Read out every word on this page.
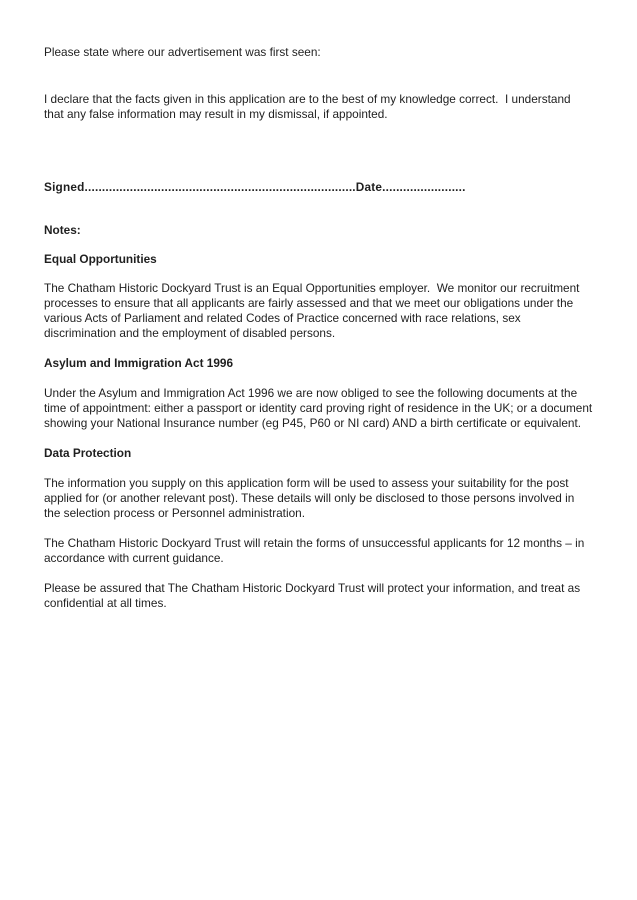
Please state where our advertisement was first seen:

I declare that the facts given in this application are to the best of my knowledge correct.  I understand that any false information may result in my dismissal, if appointed.

Signed..............................................................................Date........................

Notes:

Equal Opportunities

The Chatham Historic Dockyard Trust is an Equal Opportunities employer.  We monitor our recruitment processes to ensure that all applicants are fairly assessed and that we meet our obligations under the various Acts of Parliament and related Codes of Practice concerned with race relations, sex discrimination and the employment of disabled persons.

Asylum and Immigration Act 1996

Under the Asylum and Immigration Act 1996 we are now obliged to see the following documents at the time of appointment: either a passport or identity card proving right of residence in the UK; or a document showing your National Insurance number (eg P45, P60 or NI card) AND a birth certificate or equivalent.

Data Protection

The information you supply on this application form will be used to assess your suitability for the post applied for (or another relevant post). These details will only be disclosed to those persons involved in the selection process or Personnel administration.

The Chatham Historic Dockyard Trust will retain the forms of unsuccessful applicants for 12 months – in accordance with current guidance.

Please be assured that The Chatham Historic Dockyard Trust will protect your information, and treat as confidential at all times.
